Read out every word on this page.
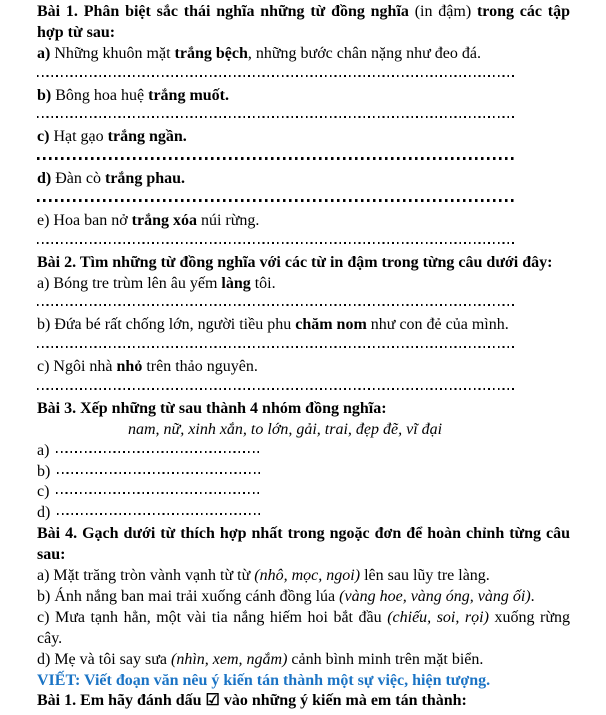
Bài 1. Phân biệt sắc thái nghĩa những từ đồng nghĩa (in đậm) trong các tập
hợp từ sau:
a) Những khuôn mặt trắng bệch, những bước chân nặng như đeo đá.
b) Bông hoa huệ trắng muốt.
c) Hạt gạo trắng ngần.
d) Đàn cò trắng phau.
e) Hoa ban nở trắng xóa núi rừng.
Bài 2. Tìm những từ đồng nghĩa với các từ in đậm trong từng câu dưới đây:
a) Bóng tre trùm lên âu yếm làng tôi.
b) Đứa bé rất chống lớn, người tiều phu chăm nom như con đẻ của mình.
c) Ngôi nhà nhỏ trên thảo nguyên.
Bài 3. Xếp những từ sau thành 4 nhóm đồng nghĩa:
nam, nữ, xinh xắn, to lớn, gải, trai, đẹp đẽ, vĩ đại
a)
b)
c)
d)
Bài 4. Gạch dưới từ thích hợp nhất trong ngoặc đơn để hoàn chỉnh từng câu
sau:
a) Mặt trăng tròn vành vạnh từ từ (nhô, mọc, ngoi) lên sau lũy tre làng.
b) Ánh nắng ban mai trải xuống cánh đồng lúa (vàng hoe, vàng óng, vàng ối).
c) Mưa tạnh hẳn, một vài tia nắng hiếm hoi bắt đầu (chiếu, soi, rọi) xuống rừng
cây.
d) Mẹ và tôi say sưa (nhìn, xem, ngắm) cảnh bình minh trên mặt biển.
VIẾT: Viết đoạn văn nêu ý kiến tán thành một sự việc, hiện tượng.
Bài 1. Em hãy đánh dấu ☑ vào những ý kiến mà em tán thành:
